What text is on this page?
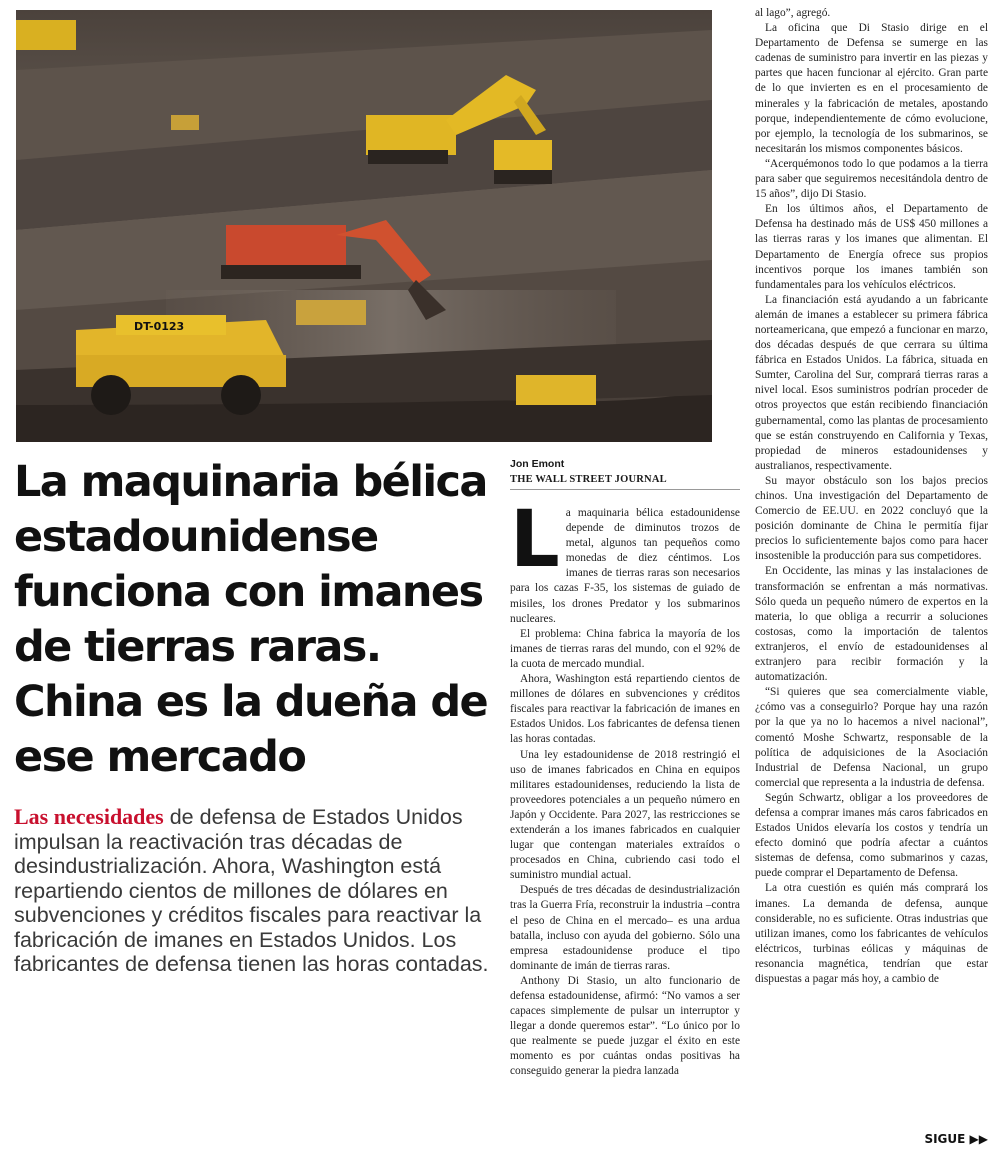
DT-0123
La maquinaria bélica estadounidense funciona con imanes de tierras raras. China es la dueña de ese mercado

Las necesidades de defensa de Estados Unidos impulsan la reactivación tras décadas de desindustrialización. Ahora, Washington está repartiendo cientos de millones de dólares en subvenciones y créditos fiscales para reactivar la fabricación de imanes en Estados Unidos. Los fabricantes de defensa tienen las horas contadas.

Jon Emont
THE WALL STREET JOURNAL

La maquinaria bélica estadounidense depende de diminutos trozos de metal, algunos tan pequeños como monedas de diez céntimos. Los imanes de tierras raras son necesarios para los cazas F-35, los sistemas de guiado de misiles, los drones Predator y los submarinos nucleares.

El problema: China fabrica la mayoría de los imanes de tierras raras del mundo, con el 92% de la cuota de mercado mundial.

Ahora, Washington está repartiendo cientos de millones de dólares en subvenciones y créditos fiscales para reactivar la fabricación de imanes en Estados Unidos. Los fabricantes de defensa tienen las horas contadas.

Una ley estadounidense de 2018 restringió el uso de imanes fabricados en China en equipos militares estadounidenses, reduciendo la lista de proveedores potenciales a un pequeño número en Japón y Occidente. Para 2027, las restricciones se extenderán a los imanes fabricados en cualquier lugar que contengan materiales extraídos o procesados en China, cubriendo casi todo el suministro mundial actual.

Después de tres décadas de desindustrialización tras la Guerra Fría, reconstruir la industria –contra el peso de China en el mercado– es una ardua batalla, incluso con ayuda del gobierno. Sólo una empresa estadounidense produce el tipo dominante de imán de tierras raras.

Anthony Di Stasio, un alto funcionario de defensa estadounidense, afirmó: “No vamos a ser capaces simplemente de pulsar un interruptor y llegar a donde queremos estar”. “Lo único por lo que realmente se puede juzgar el éxito en este momento es por cuántas ondas positivas ha conseguido generar la piedra lanzada

al lago”, agregó.

La oficina que Di Stasio dirige en el Departamento de Defensa se sumerge en las cadenas de suministro para invertir en las piezas y partes que hacen funcionar al ejército. Gran parte de lo que invierten es en el procesamiento de minerales y la fabricación de metales, apostando porque, independientemente de cómo evolucione, por ejemplo, la tecnología de los submarinos, se necesitarán los mismos componentes básicos.

“Acerquémonos todo lo que podamos a la tierra para saber que seguiremos necesitándola dentro de 15 años”, dijo Di Stasio.

En los últimos años, el Departamento de Defensa ha destinado más de US$ 450 millones a las tierras raras y los imanes que alimentan. El Departamento de Energía ofrece sus propios incentivos porque los imanes también son fundamentales para los vehículos eléctricos.

La financiación está ayudando a un fabricante alemán de imanes a establecer su primera fábrica norteamericana, que empezó a funcionar en marzo, dos décadas después de que cerrara su última fábrica en Estados Unidos. La fábrica, situada en Sumter, Carolina del Sur, comprará tierras raras a nivel local. Esos suministros podrían proceder de otros proyectos que están recibiendo financiación gubernamental, como las plantas de procesamiento que se están construyendo en California y Texas, propiedad de mineros estadounidenses y australianos, respectivamente.

Su mayor obstáculo son los bajos precios chinos. Una investigación del Departamento de Comercio de EE.UU. en 2022 concluyó que la posición dominante de China le permitía fijar precios lo suficientemente bajos como para hacer insostenible la producción para sus competidores.

En Occidente, las minas y las instalaciones de transformación se enfrentan a más normativas. Sólo queda un pequeño número de expertos en la materia, lo que obliga a recurrir a soluciones costosas, como la importación de talentos extranjeros, el envío de estadounidenses al extranjero para recibir formación y la automatización.

“Si quieres que sea comercialmente viable, ¿cómo vas a conseguirlo? Porque hay una razón por la que ya no lo hacemos a nivel nacional”, comentó Moshe Schwartz, responsable de la política de adquisiciones de la Asociación Industrial de Defensa Nacional, un grupo comercial que representa a la industria de defensa.

Según Schwartz, obligar a los proveedores de defensa a comprar imanes más caros fabricados en Estados Unidos elevaría los costos y tendría un efecto dominó que podría afectar a cuántos sistemas de defensa, como submarinos y cazas, puede comprar el Departamento de Defensa.

La otra cuestión es quién más comprará los imanes. La demanda de defensa, aunque considerable, no es suficiente. Otras industrias que utilizan imanes, como los fabricantes de vehículos eléctricos, turbinas eólicas y máquinas de resonancia magnética, tendrían que estar dispuestas a pagar más hoy, a cambio de

SIGUE ▶▶
